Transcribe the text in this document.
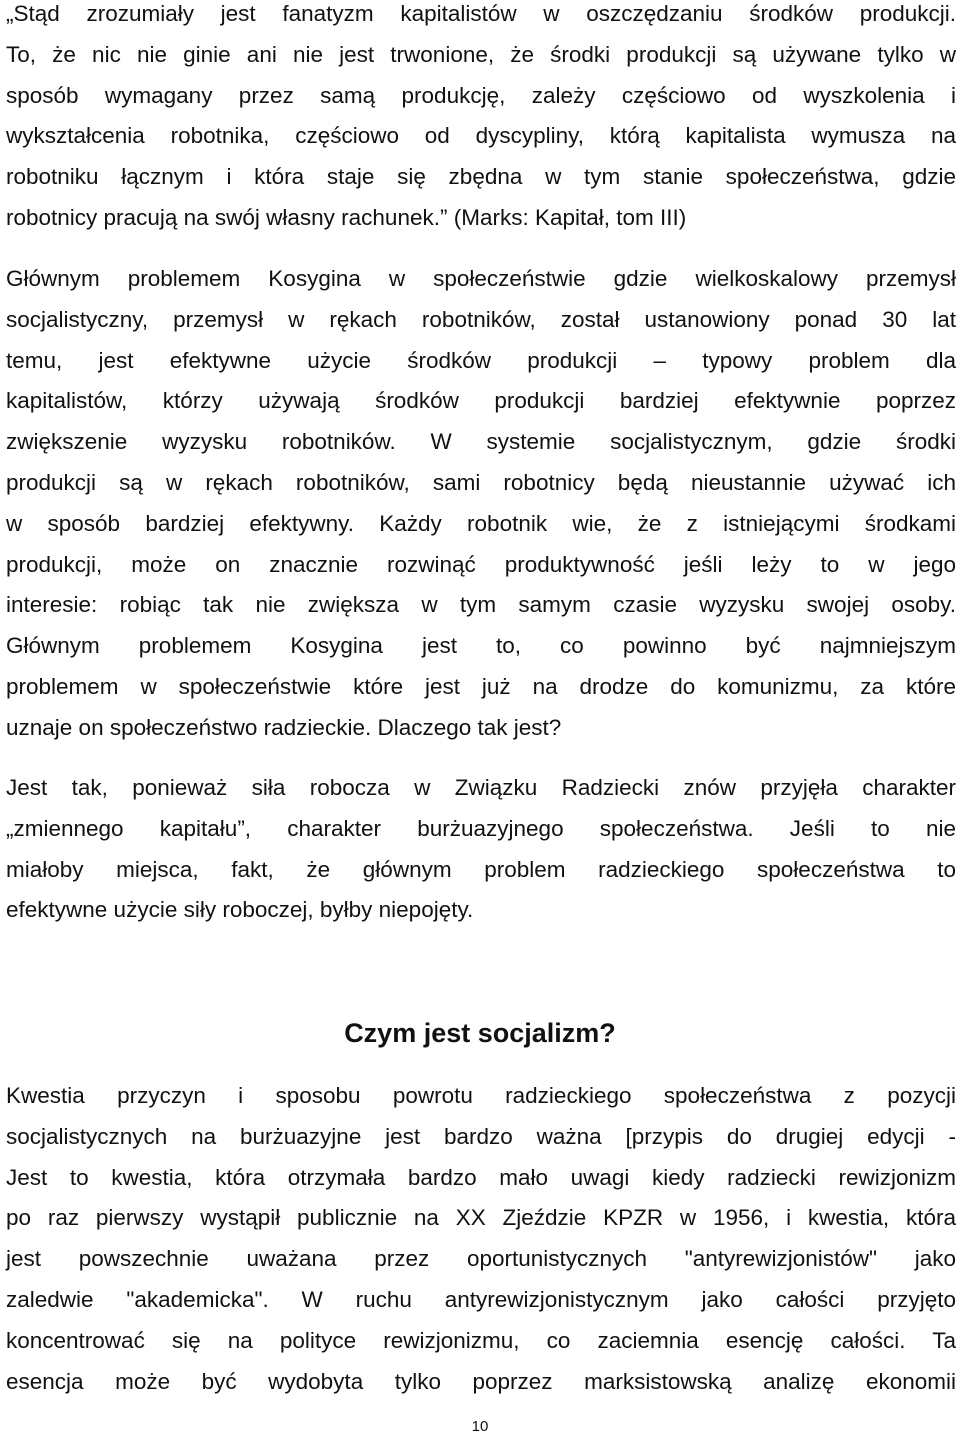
„Stąd zrozumiały jest fanatyzm kapitalistów w oszczędzaniu środków produkcji.
To, że nic nie ginie ani nie jest trwonione, że środki produkcji są używane tylko w
sposób wymagany przez samą produkcję, zależy częściowo od wyszkolenia i
wykształcenia robotnika, częściowo od dyscypliny, którą kapitalista wymusza na
robotniku łącznym i która staje się zbędna w tym stanie społeczeństwa, gdzie
robotnicy pracują na swój własny rachunek.” (Marks: Kapitał, tom III)
Głównym problemem Kosygina w społeczeństwie gdzie wielkoskalowy przemysł
socjalistyczny, przemysł w rękach robotników, został ustanowiony ponad 30 lat
temu, jest efektywne użycie środków produkcji – typowy problem dla
kapitalistów, którzy używają środków produkcji bardziej efektywnie poprzez
zwiększenie wyzysku robotników. W systemie socjalistycznym, gdzie środki
produkcji są w rękach robotników, sami robotnicy będą nieustannie używać ich
w sposób bardziej efektywny. Każdy robotnik wie, że z istniejącymi środkami
produkcji, może on znacznie rozwinąć produktywność jeśli leży to w jego
interesie: robiąc tak nie zwiększa w tym samym czasie wyzysku swojej osoby.
Głównym problemem Kosygina jest to, co powinno być najmniejszym
problemem w społeczeństwie które jest już na drodze do komunizmu, za które
uznaje on społeczeństwo radzieckie. Dlaczego tak jest?
Jest tak, ponieważ siła robocza w Związku Radziecki znów przyjęła charakter
„zmiennego kapitału”, charakter burżuazyjnego społeczeństwa. Jeśli to nie
miałoby miejsca, fakt, że głównym problem radzieckiego społeczeństwa to
efektywne użycie siły roboczej, byłby niepojęty.
Czym jest socjalizm?
Kwestia przyczyn i sposobu powrotu radzieckiego społeczeństwa z pozycji
socjalistycznych na burżuazyjne jest bardzo ważna [przypis do drugiej edycji -
Jest to kwestia, która otrzymała bardzo mało uwagi kiedy radziecki rewizjonizm
po raz pierwszy wystąpił publicznie na XX Zjeździe KPZR w 1956, i kwestia, która
jest powszechnie uważana przez oportunistycznych "antyrewizjonistów" jako
zaledwie "akademicka". W ruchu antyrewizjonistycznym jako całości przyjęto
koncentrować się na polityce rewizjonizmu, co zaciemnia esencję całości. Ta
esencja może być wydobyta tylko poprzez marksistowską analizę ekonomii
10
